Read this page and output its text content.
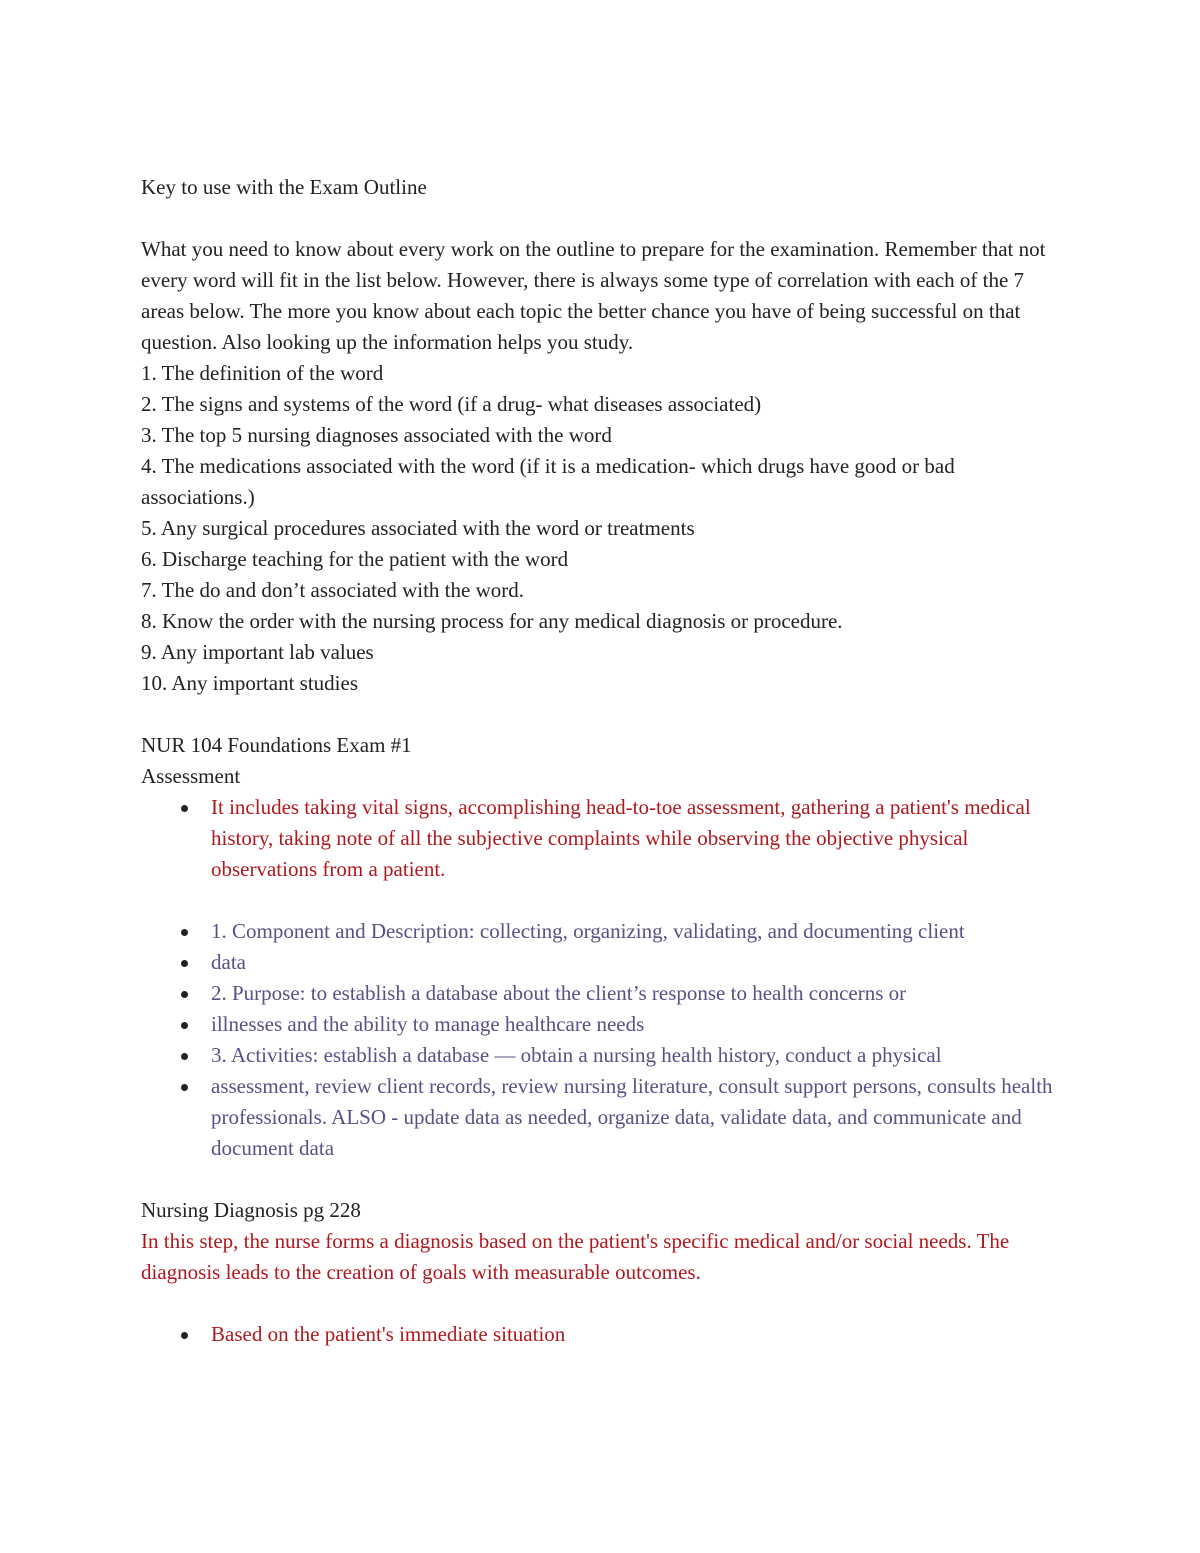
Key to use with the Exam Outline

What you need to know about every work on the outline to prepare for the examination. Remember that not every word will fit in the list below. However, there is always some type of correlation with each of the 7 areas below. The more you know about each topic the better chance you have of being successful on that question. Also looking up the information helps you study.

1. The definition of the word

2. The signs and systems of the word (if a drug- what diseases associated)

3. The top 5 nursing diagnoses associated with the word

4. The medications associated with the word (if it is a medication- which drugs have good or bad associations.)

5. Any surgical procedures associated with the word or treatments

6. Discharge teaching for the patient with the word

7. The do and don’t associated with the word.

8. Know the order with the nursing process for any medical diagnosis or procedure.

9. Any important lab values

10. Any important studies

NUR 104 Foundations Exam #1

Assessment

It includes taking vital signs, accomplishing head-to-toe assessment, gathering a patient's medical history, taking note of all the subjective complaints while observing the objective physical observations from a patient.
1. Component and Description: collecting, organizing, validating, and documenting client
data
2. Purpose: to establish a database about the client’s response to health concerns or
illnesses and the ability to manage healthcare needs
3. Activities: establish a database — obtain a nursing health history, conduct a physical
assessment, review client records, review nursing literature, consult support persons, consults health professionals. ALSO - update data as needed, organize data, validate data, and communicate and document data

Nursing Diagnosis pg 228

In this step, the nurse forms a diagnosis based on the patient's specific medical and/or social needs. The diagnosis leads to the creation of goals with measurable outcomes.

Based on the patient's immediate situation
